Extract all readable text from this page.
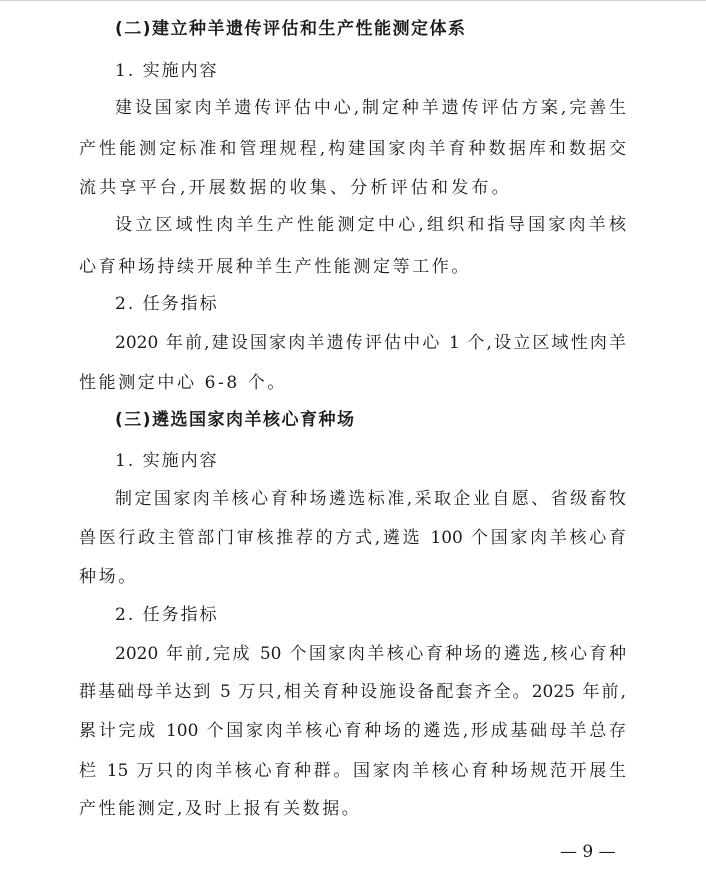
(二)建立种羊遗传评估和生产性能测定体系
1. 实施内容
建设国家肉羊遗传评估中心,制定种羊遗传评估方案,完善生
产性能测定标准和管理规程,构建国家肉羊育种数据库和数据交
流共享平台,开展数据的收集、分析评估和发布。
设立区域性肉羊生产性能测定中心,组织和指导国家肉羊核
心育种场持续开展种羊生产性能测定等工作。
2. 任务指标
2020 年前,建设国家肉羊遗传评估中心 1 个,设立区域性肉羊
性能测定中心 6-8 个。
(三)遴选国家肉羊核心育种场
1. 实施内容
制定国家肉羊核心育种场遴选标准,采取企业自愿、省级畜牧
兽医行政主管部门审核推荐的方式,遴选 100 个国家肉羊核心育
种场。
2. 任务指标
2020 年前,完成 50 个国家肉羊核心育种场的遴选,核心育种
群基础母羊达到 5 万只,相关育种设施设备配套齐全。2025 年前,
累计完成 100 个国家肉羊核心育种场的遴选,形成基础母羊总存
栏 15 万只的肉羊核心育种群。国家肉羊核心育种场规范开展生
产性能测定,及时上报有关数据。
— 9 —
